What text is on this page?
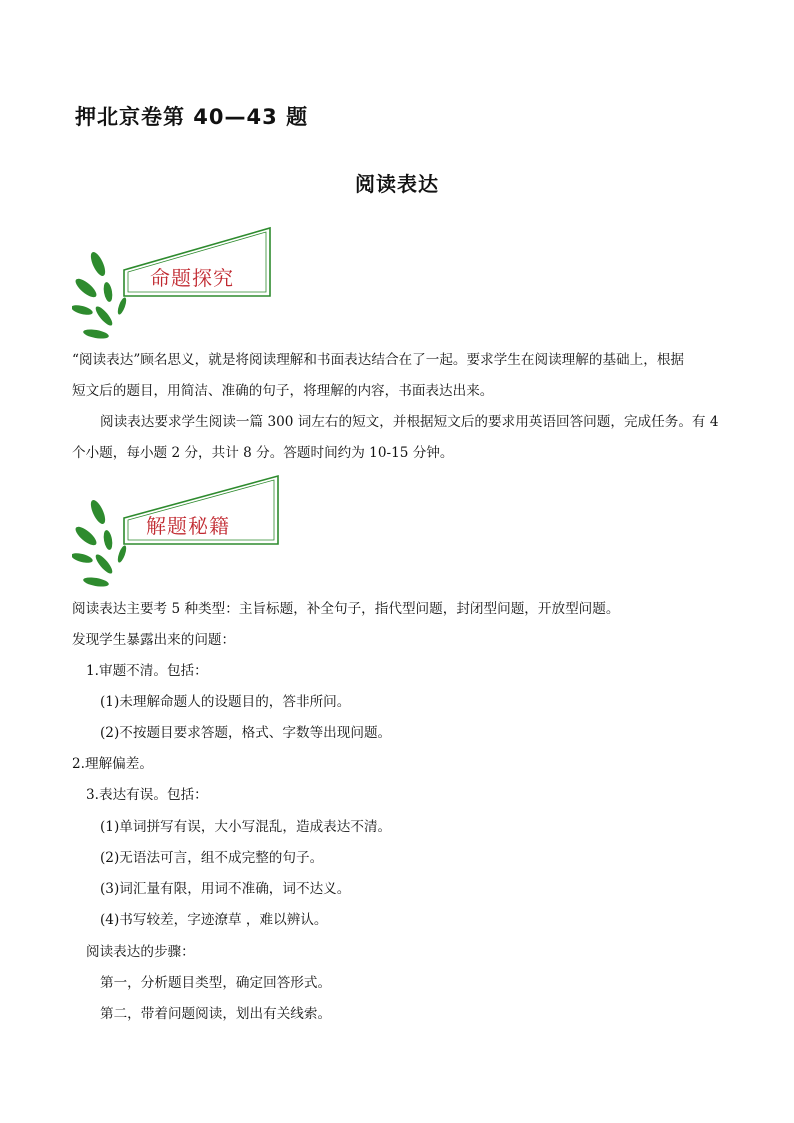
押北京卷第 40—43 题
阅读表达
命题探究
“阅读表达”顾名思义，就是将阅读理解和书面表达结合在了一起。要求学生在阅读理解的基础上，根据
短文后的题目，用简洁、准确的句子，将理解的内容，书面表达出来。
阅读表达要求学生阅读一篇 300 词左右的短文，并根据短文后的要求用英语回答问题，完成任务。有 4
个小题，每小题 2 分，共计 8 分。答题时间约为 10-15 分钟。
解题秘籍
阅读表达主要考 5 种类型：主旨标题，补全句子，指代型问题，封闭型问题，开放型问题。
发现学生暴露出来的问题：
1.审题不清。包括：
(1)未理解命题人的设题目的，答非所问。
(2)不按题目要求答题，格式、字数等出现问题。
2.理解偏差。
3.表达有误。包括：
(1)单词拼写有误，大小写混乱，造成表达不清。
(2)无语法可言，组不成完整的句子。
(3)词汇量有限，用词不准确，词不达义。
(4)书写较差，字迹潦草 ，难以辨认。
阅读表达的步骤：
第一，分析题目类型，确定回答形式。
第二，带着问题阅读，划出有关线索。
